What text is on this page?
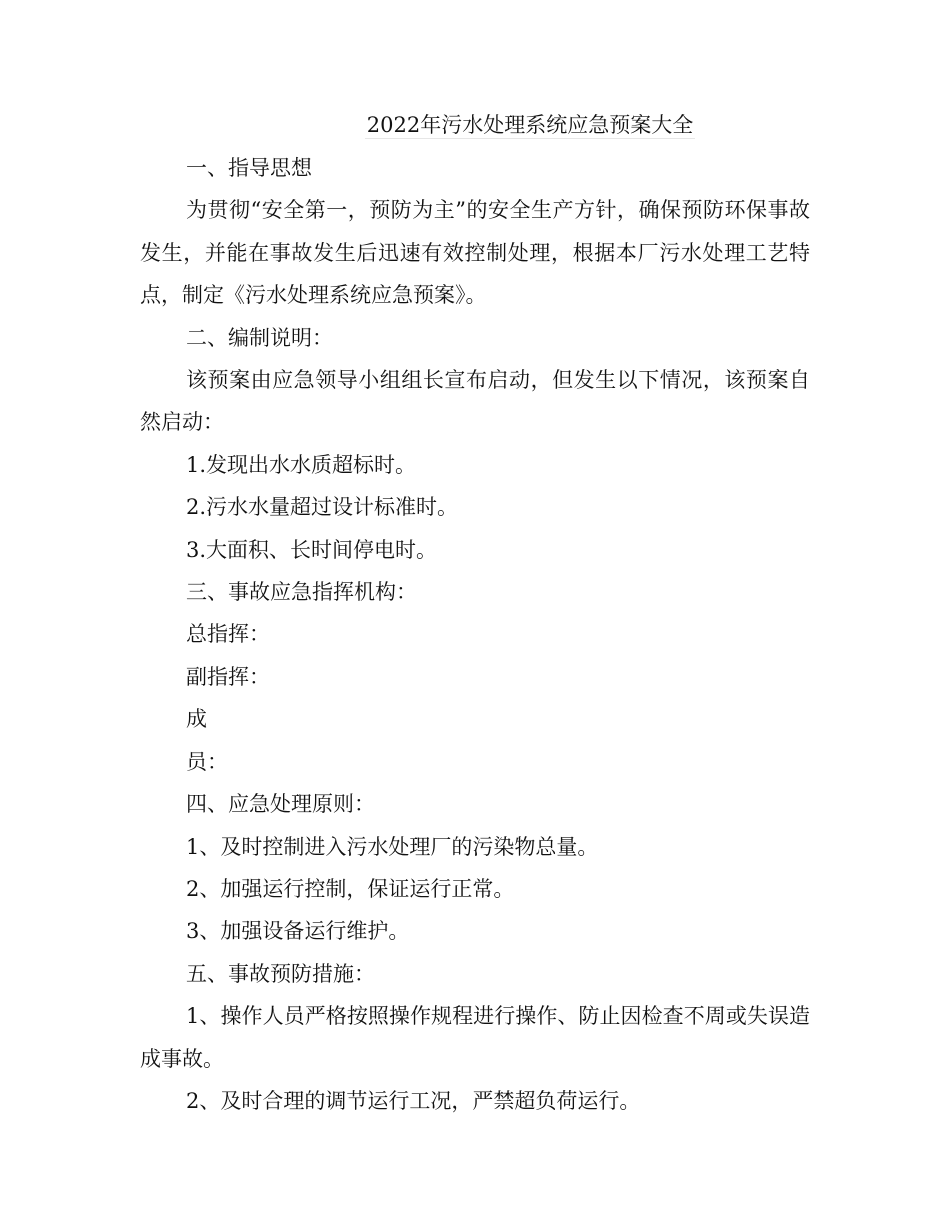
2022年污水处理系统应急预案大全

一、指导思想

为贯彻“安全第一，预防为主”的安全生产方针，确保预防环保事故发生，并能在事故发生后迅速有效控制处理，根据本厂污水处理工艺特点，制定《污水处理系统应急预案》。

二、编制说明：

该预案由应急领导小组组长宣布启动，但发生以下情况，该预案自然启动：

1.发现出水水质超标时。

2.污水水量超过设计标准时。

3.大面积、长时间停电时。

三、事故应急指挥机构：

总指挥：

副指挥：

成

员：

四、应急处理原则：

1、及时控制进入污水处理厂的污染物总量。

2、加强运行控制，保证运行正常。

3、加强设备运行维护。

五、事故预防措施：

1、操作人员严格按照操作规程进行操作、防止因检查不周或失误造成事故。

2、及时合理的调节运行工况，严禁超负荷运行。
